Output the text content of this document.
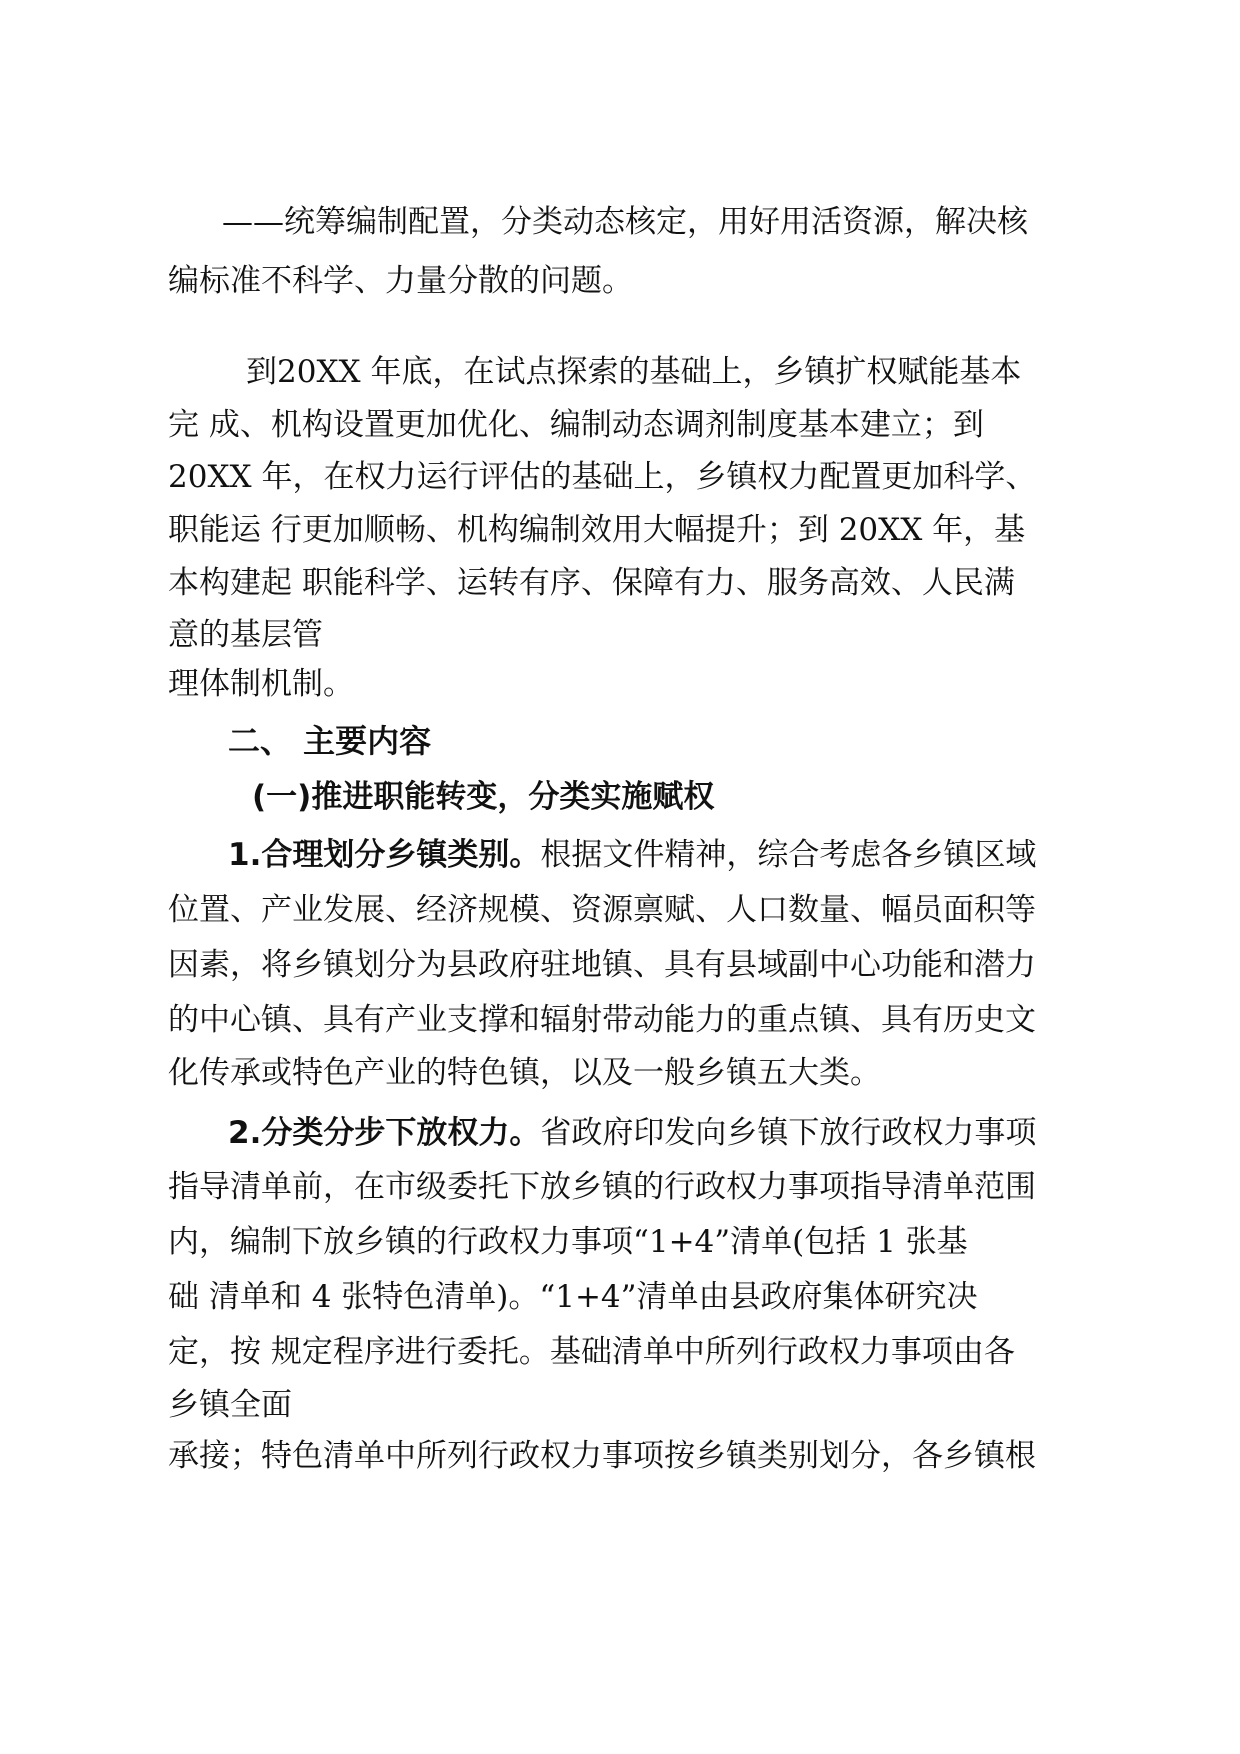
——统筹编制配置，分类动态核定，用好用活资源，解决核

编标准不科学、力量分散的问题。

到20XX 年底，在试点探索的基础上，乡镇扩权赋能基本

完 成、机构设置更加优化、编制动态调剂制度基本建立；到

20XX 年，在权力运行评估的基础上，乡镇权力配置更加科学、

职能运 行更加顺畅、机构编制效用大幅提升；到 20XX 年，基

本构建起 职能科学、运转有序、保障有力、服务高效、人民满

意的基层管

理体制机制。

二、 主要内容

(一)推进职能转变，分类实施赋权

1.合理划分乡镇类别。根据文件精神，综合考虑各乡镇区域

位置、产业发展、经济规模、资源禀赋、人口数量、幅员面积等

因素，将乡镇划分为县政府驻地镇、具有县域副中心功能和潜力

的中心镇、具有产业支撑和辐射带动能力的重点镇、具有历史文

化传承或特色产业的特色镇，以及一般乡镇五大类。

2.分类分步下放权力。省政府印发向乡镇下放行政权力事项

指导清单前，在市级委托下放乡镇的行政权力事项指导清单范围

内，编制下放乡镇的行政权力事项“1+4”清单(包括 1 张基

础 清单和 4 张特色清单)。“1+4”清单由县政府集体研究决

定，按 规定程序进行委托。基础清单中所列行政权力事项由各

乡镇全面

承接；特色清单中所列行政权力事项按乡镇类别划分，各乡镇根
